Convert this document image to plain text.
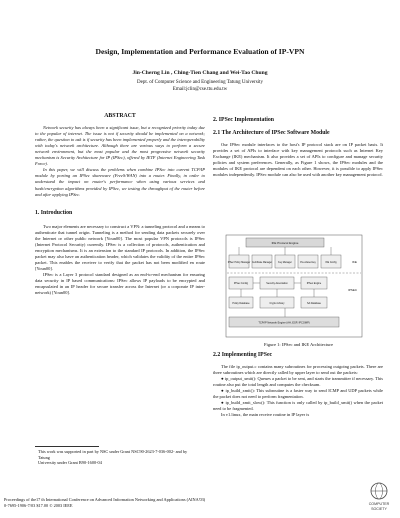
Design, Implementation and Performance Evaluation of IP-VPN
Jin-Cherng Lin , Ching-Tien Chang and Wei-Tao Chung
Dept. of Computer Science and Engineering Tatung University
Email:jclin@cse.ttu.edu.tw
ABSTRACT

Network security has always been a significant issue, but a recognized priority today due to the popular of internet. The issue is not if security should be implemented on a network; rather, the question to ask is if security has been implemented properly and the interoperability with today's network architecture. Although there are various ways to perform a secure network environment, but the most popular and the most progressive network security mechanism is Security Architecture for IP (IPSec), offered by IETF (Internet Engineering Task Force).

In this paper, we will discuss the problems when combine IPSec into current TCP/IP module by porting an IPSec shareware (FreeS/WAN) into a router. Finally, in order to understand the impact on router's performance when using various services and hash/encryption algorithms provided by IPSec, we testing the throughput of the router before and after applying IPSec.

1. Introduction

Two major elements are necessary to construct a VPN: a tunneling protocol and a means to authenticate that tunnel origin. Tunneling is a method for sending data packets securely over the Internet or other public network [Youn00]. The most popular VPN protocols is IPSec (Internet Protocol Security) currently. IPSec is a collection of protocols, authentication and encryption mechanisms. It is an extension to the standard IP protocols. In addition, the IPSec packet may also have an authentication header, which validates the validity of the entire IPSec packet. This enables the receiver to verify that the packet has not been modified en route [Youn00].

IPSec is a Layer 3 protocol standard designed as an end-to-end mechanism for ensuring data security in IP based communications: IPSec allows IP payloads to be encrypted and encapsulated in an IP header for secure transfer across the Internet (or a corporate IP inter-network) [Youn00].

This work was supported in part by NSC under Grant NSC90-2623-7-036-002- and by Tatung
University under Grant B90-1600-04
2. IPSec Implementation
2.1 The Architecture of IPSec Software Module

Our IPSec module interfaces to the host's IP protocol stack are on IP packet basis. It provides a set of APIs to interface with key management protocols such as Internet Key Exchange (IKE) mechanism. It also provides a set of APIs to configure and manage security policies and system preferences. Generally, as Figure 1 shows, the IPSec modules and the modules of IKE protocol are dependent on each other. However, it is possible to apply IPSec modules independently. IPSec module can also be used with another key management protocol.

IKE Protocol Engine
IPSec Policy Manager Certificate Manager	Key Manager	Pre-shared key	IKE Config	IKE
IPSEC
IPSec Config	Security Association	IPSec Engine
Policy Database	Crypto Library	SA Database
TCP/IP Network Engine (AH, ESP, IPCOMP)
Figure 1: IPSec and IKE Architecture
2.2 Implementing IPSec

The file ip_output.c contains many subroutines for processing outgoing packets. There are three subroutines which are directly called by upper layer to send out the packets:

● ip_output_xmit(): Queues a packet to be sent, and starts the transmitter if necessary. This routine also put the total length and computes the checksum.

● ip_build_xmit(): This subroutine is a faster way to send ICMP and UDP packets while the packet does not need to perform fragmentation.

● ip_build_xmit_slow(): This function is only called by ip_build_xmit() when the packet need to be fragmented.

In v1.linux, the main receive routine in IP layer is

Proceedings of the17 th International Conference on Advanced Information Networking and Applications (AINA'03)
0-7695-1906-7/03 $17.00 © 2003 IEEE	COMPUTER
SOCIETY
